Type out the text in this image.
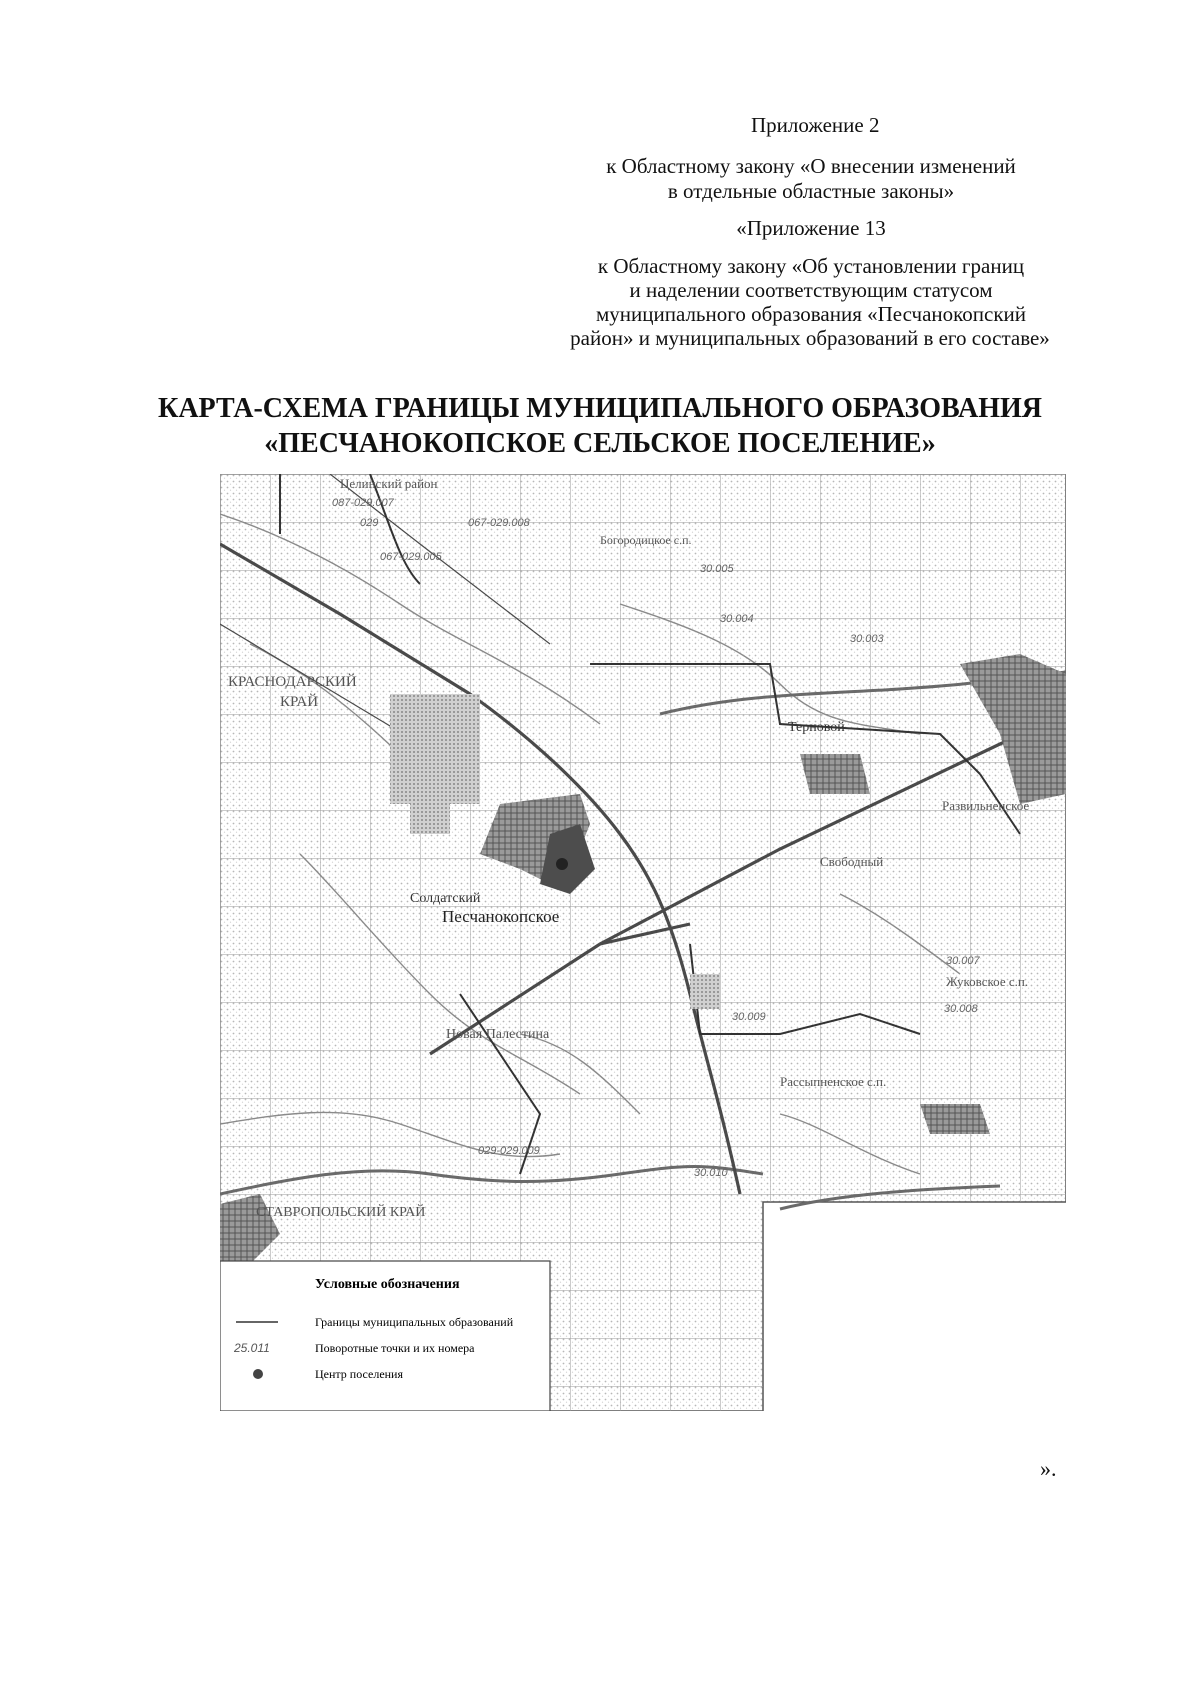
Приложение 2
к Областному закону «О внесении изменений
в отдельные областные законы»
«Приложение 13
к Областному закону «Об установлении границ
и наделении соответствующим статусом
муниципального образования «Песчанокопский
район» и муниципальных образований в его составе»
КАРТА-СХЕМА ГРАНИЦЫ МУНИЦИПАЛЬНОГО ОБРАЗОВАНИЯ
«ПЕСЧАНОКОПСКОЕ СЕЛЬСКОЕ ПОСЕЛЕНИЕ»
Целинский район
Богородицкое с.п.
КРАСНОДАРСКИЙ
КРАЙ
Терновой
Развильненское
Свободный
Солдатский
Песчанокопское
Жуковское с.п.
Новая Палестина
Рассыпненское с.п.
СТАВРОПОЛЬСКИЙ КРАЙ
087-029.007
029	067-029.008
067-029.005
30.005
30.004
30.003
30.007
30.008
30.009
029-029.009
30.010
Условные обозначения
Границы муниципальных образований
25.011	Поворотные точки и их номера
Центр поселения
».
